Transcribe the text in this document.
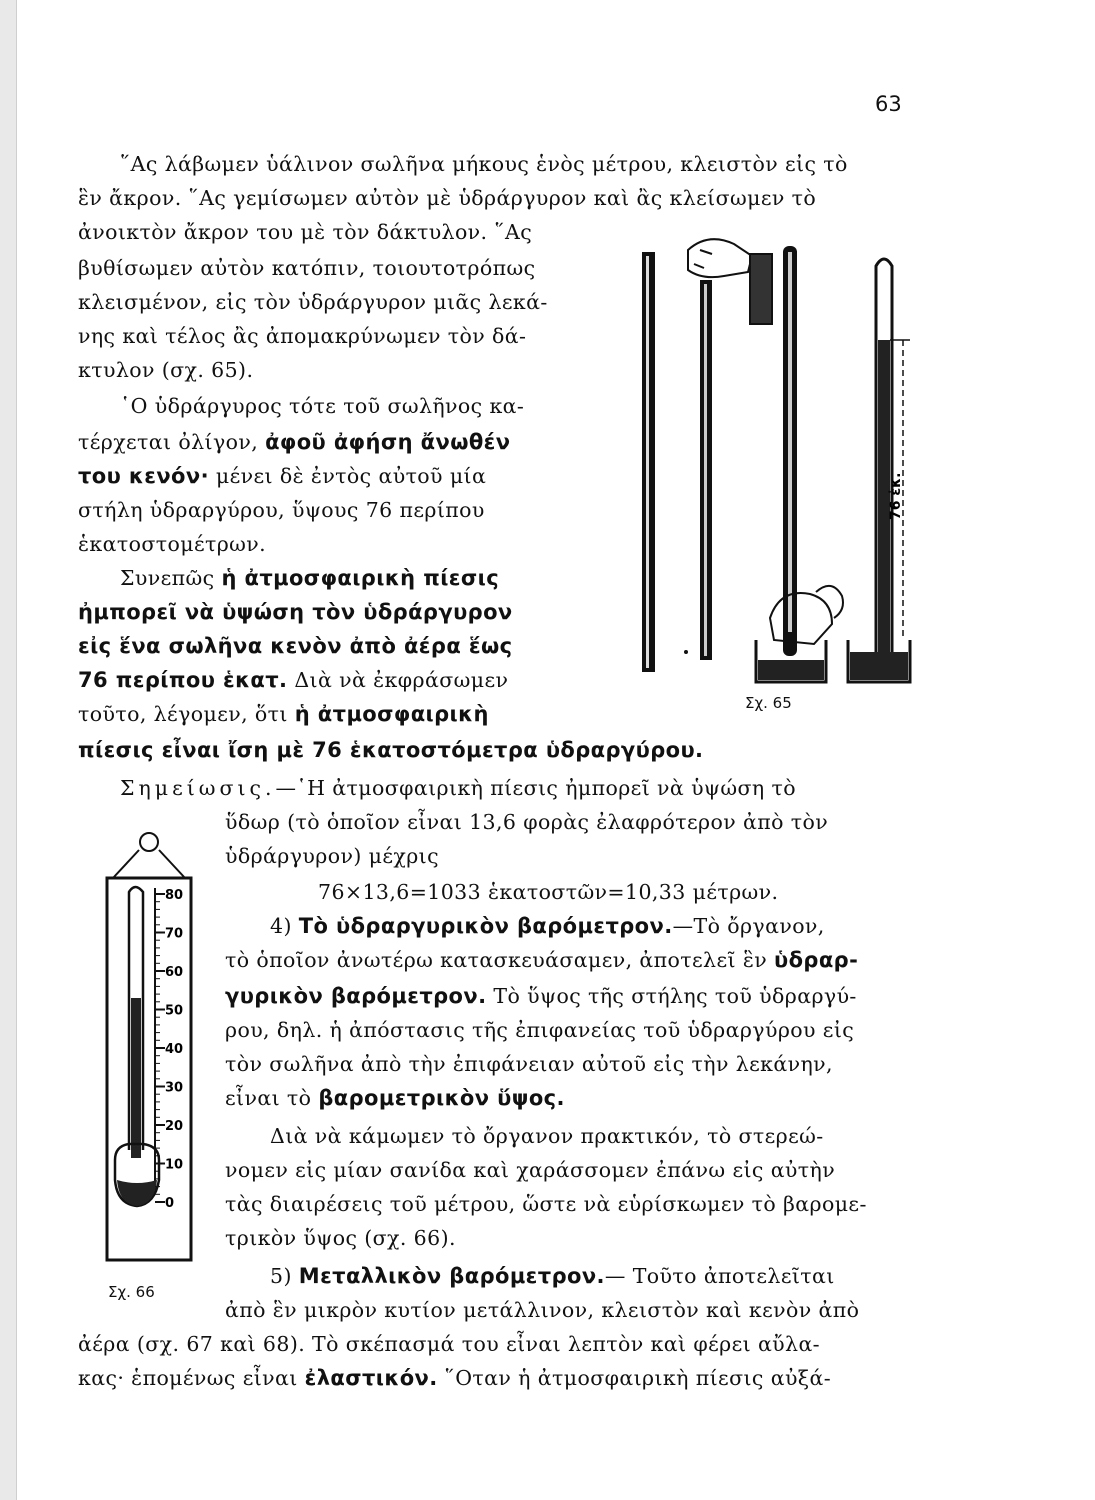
63
῞Ας λάβωμεν ὑάλινον σωλῆνα μήκους ἑνὸς μέτρου, κλειστὸν εἰς τὸ
ἓν ἄκρον. ῞Ας γεμίσωμεν αὐτὸν μὲ ὑδράργυρον καὶ ἂς κλείσωμεν τὸ
ἀνοικτὸν ἄκρον του μὲ τὸν δάκτυλον. ῞Ας
βυθίσωμεν αὐτὸν κατόπιν, τοιουτοτρόπως
κλεισμένον, εἰς τὸν ὑδράργυρον μιᾶς λεκά-
νης καὶ τέλος ἂς ἀπομακρύνωμεν τὸν δά-
κτυλον (σχ. 65).
῾Ο ὑδράργυρος τότε τοῦ σωλῆνος κα-
τέρχεται ὀλίγον, ἀφοῦ ἀφήση ἄνωθέν
του κενόν· μένει δὲ ἐντὸς αὐτοῦ μία
στήλη ὑδραργύρου, ὕψους 76 περίπου
ἑκατοστομέτρων.
Συνεπῶς ἡ ἀτμοσφαιρικὴ πίεσις
ἠμπορεῖ νὰ ὑψώση τὸν ὑδράργυρον
εἰς ἕνα σωλῆνα κενὸν ἀπὸ ἀέρα ἕως
76 περίπου ἑκατ. Διὰ νὰ ἐκφράσωμεν
τοῦτο, λέγομεν, ὅτι ἡ ἀτμοσφαιρικὴ
πίεσις εἶναι ἴση μὲ 76 ἑκατοστόμετρα ὑδραργύρου.
Σημείωσις.—῾Η ἀτμοσφαιρικὴ πίεσις ἠμπορεῖ νὰ ὑψώση τὸ
ὕδωρ (τὸ ὁποῖον εἶναι 13,6 φορὰς ἐλαφρότερον ἀπὸ τὸν
ὑδράργυρον) μέχρις
76×13,6=1033 ἑκατοστῶν=10,33 μέτρων.
4) Τὸ ὑδραργυρικὸν βαρόμετρον.—Τὸ ὄργανον,
τὸ ὁποῖον ἀνωτέρω κατασκευάσαμεν, ἀποτελεῖ ἓν ὑδραρ-
γυρικὸν βαρόμετρον. Τὸ ὕψος τῆς στήλης τοῦ ὑδραργύ-
ρου, δηλ. ἡ ἀπόστασις τῆς ἐπιφανείας τοῦ ὑδραργύρου εἰς
τὸν σωλῆνα ἀπὸ τὴν ἐπιφάνειαν αὐτοῦ εἰς τὴν λεκάνην,
εἶναι τὸ βαρομετρικὸν ὕψος.
Διὰ νὰ κάμωμεν τὸ ὄργανον πρακτικόν, τὸ στερεώ-
νομεν εἰς μίαν σανίδα καὶ χαράσσομεν ἐπάνω εἰς αὐτὴν
τὰς διαιρέσεις τοῦ μέτρου, ὥστε νὰ εὑρίσκωμεν τὸ βαρομε-
τρικὸν ὕψος (σχ. 66).
5) Μεταλλικὸν βαρόμετρον.— Τοῦτο ἀποτελεῖται
ἀπὸ ἓν μικρὸν κυτίον μετάλλινον, κλειστὸν καὶ κενὸν ἀπὸ
ἀέρα (σχ. 67 καὶ 68). Τὸ σκέπασμά του εἶναι λεπτὸν καὶ φέρει αὔλα-
κας· ἑπομένως εἶναι ἐλαστικόν. ῞Οταν ἡ ἀτμοσφαιρικὴ πίεσις αὐξά-
76 ἑκ.
Σχ. 65
80
70
60
50
40
30
20
10
0
Σχ. 66
